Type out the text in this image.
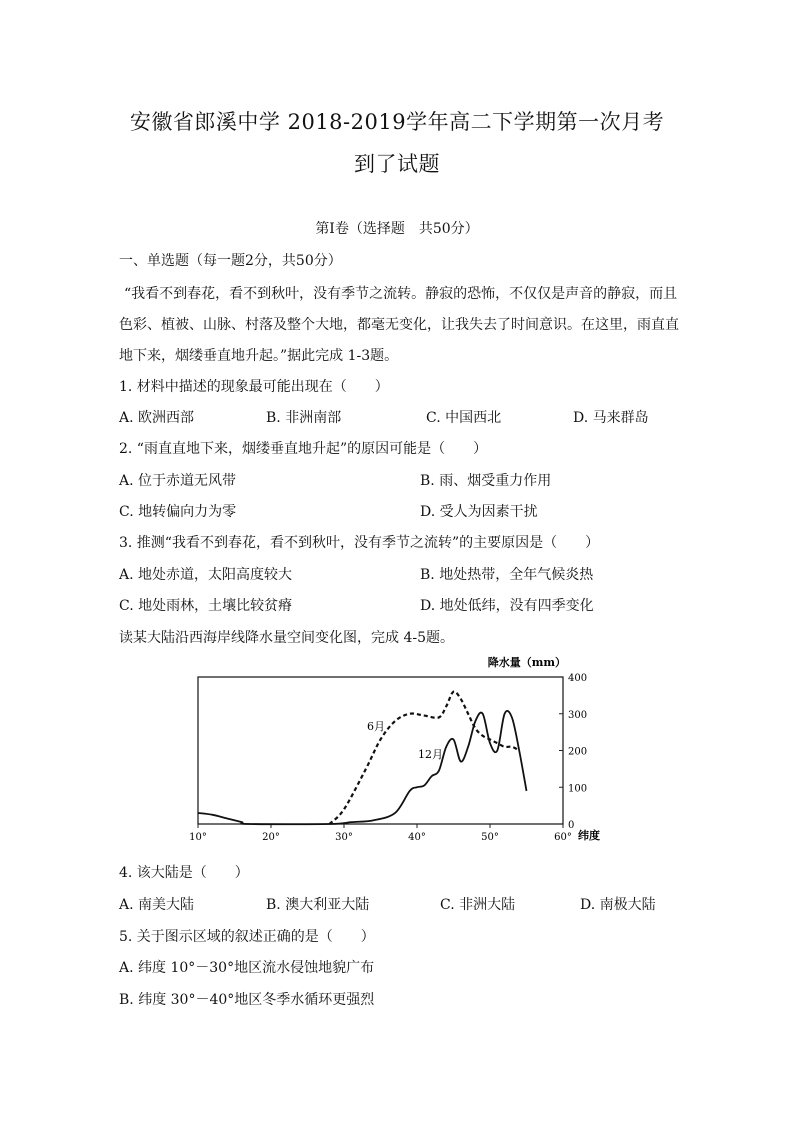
安徽省郎溪中学 2018-2019学年高二下学期第一次月考
到了试题
第Ⅰ卷（选择题　共50分）
一、单选题（每一题2分，共50分）
“我看不到春花，看不到秋叶，没有季节之流转。静寂的恐怖，不仅仅是声音的静寂，而且
色彩、植被、山脉、村落及整个大地，都毫无变化，让我失去了时间意识。在这里，雨直直
地下来，烟缕垂直地升起。”据此完成 1-3题。
1. 材料中描述的现象最可能出现在（　　）
A. 欧洲西部	B. 非洲南部	C. 中国西北	D. 马来群岛
2. “雨直直地下来，烟缕垂直地升起”的原因可能是（　　）
A. 位于赤道无风带	B. 雨、烟受重力作用
C. 地转偏向力为零	D. 受人为因素干扰
3. 推测“我看不到春花，看不到秋叶，没有季节之流转”的主要原因是（　　）
A. 地处赤道，太阳高度较大	B. 地处热带，全年气候炎热
C. 地处雨林，土壤比较贫瘠	D. 地处低纬，没有四季变化
读某大陆沿西海岸线降水量空间变化图，完成 4-5题。
降水量（mm）
纬度
10°	20°	30°	40°	50°	60°
0
100
200
300
400
6月
12月
4. 该大陆是（　　）
A. 南美大陆	B. 澳大利亚大陆	C. 非洲大陆	D. 南极大陆
5. 关于图示区域的叙述正确的是（　　）
A. 纬度 10°－30°地区流水侵蚀地貌广布
B. 纬度 30°－40°地区冬季水循环更强烈
